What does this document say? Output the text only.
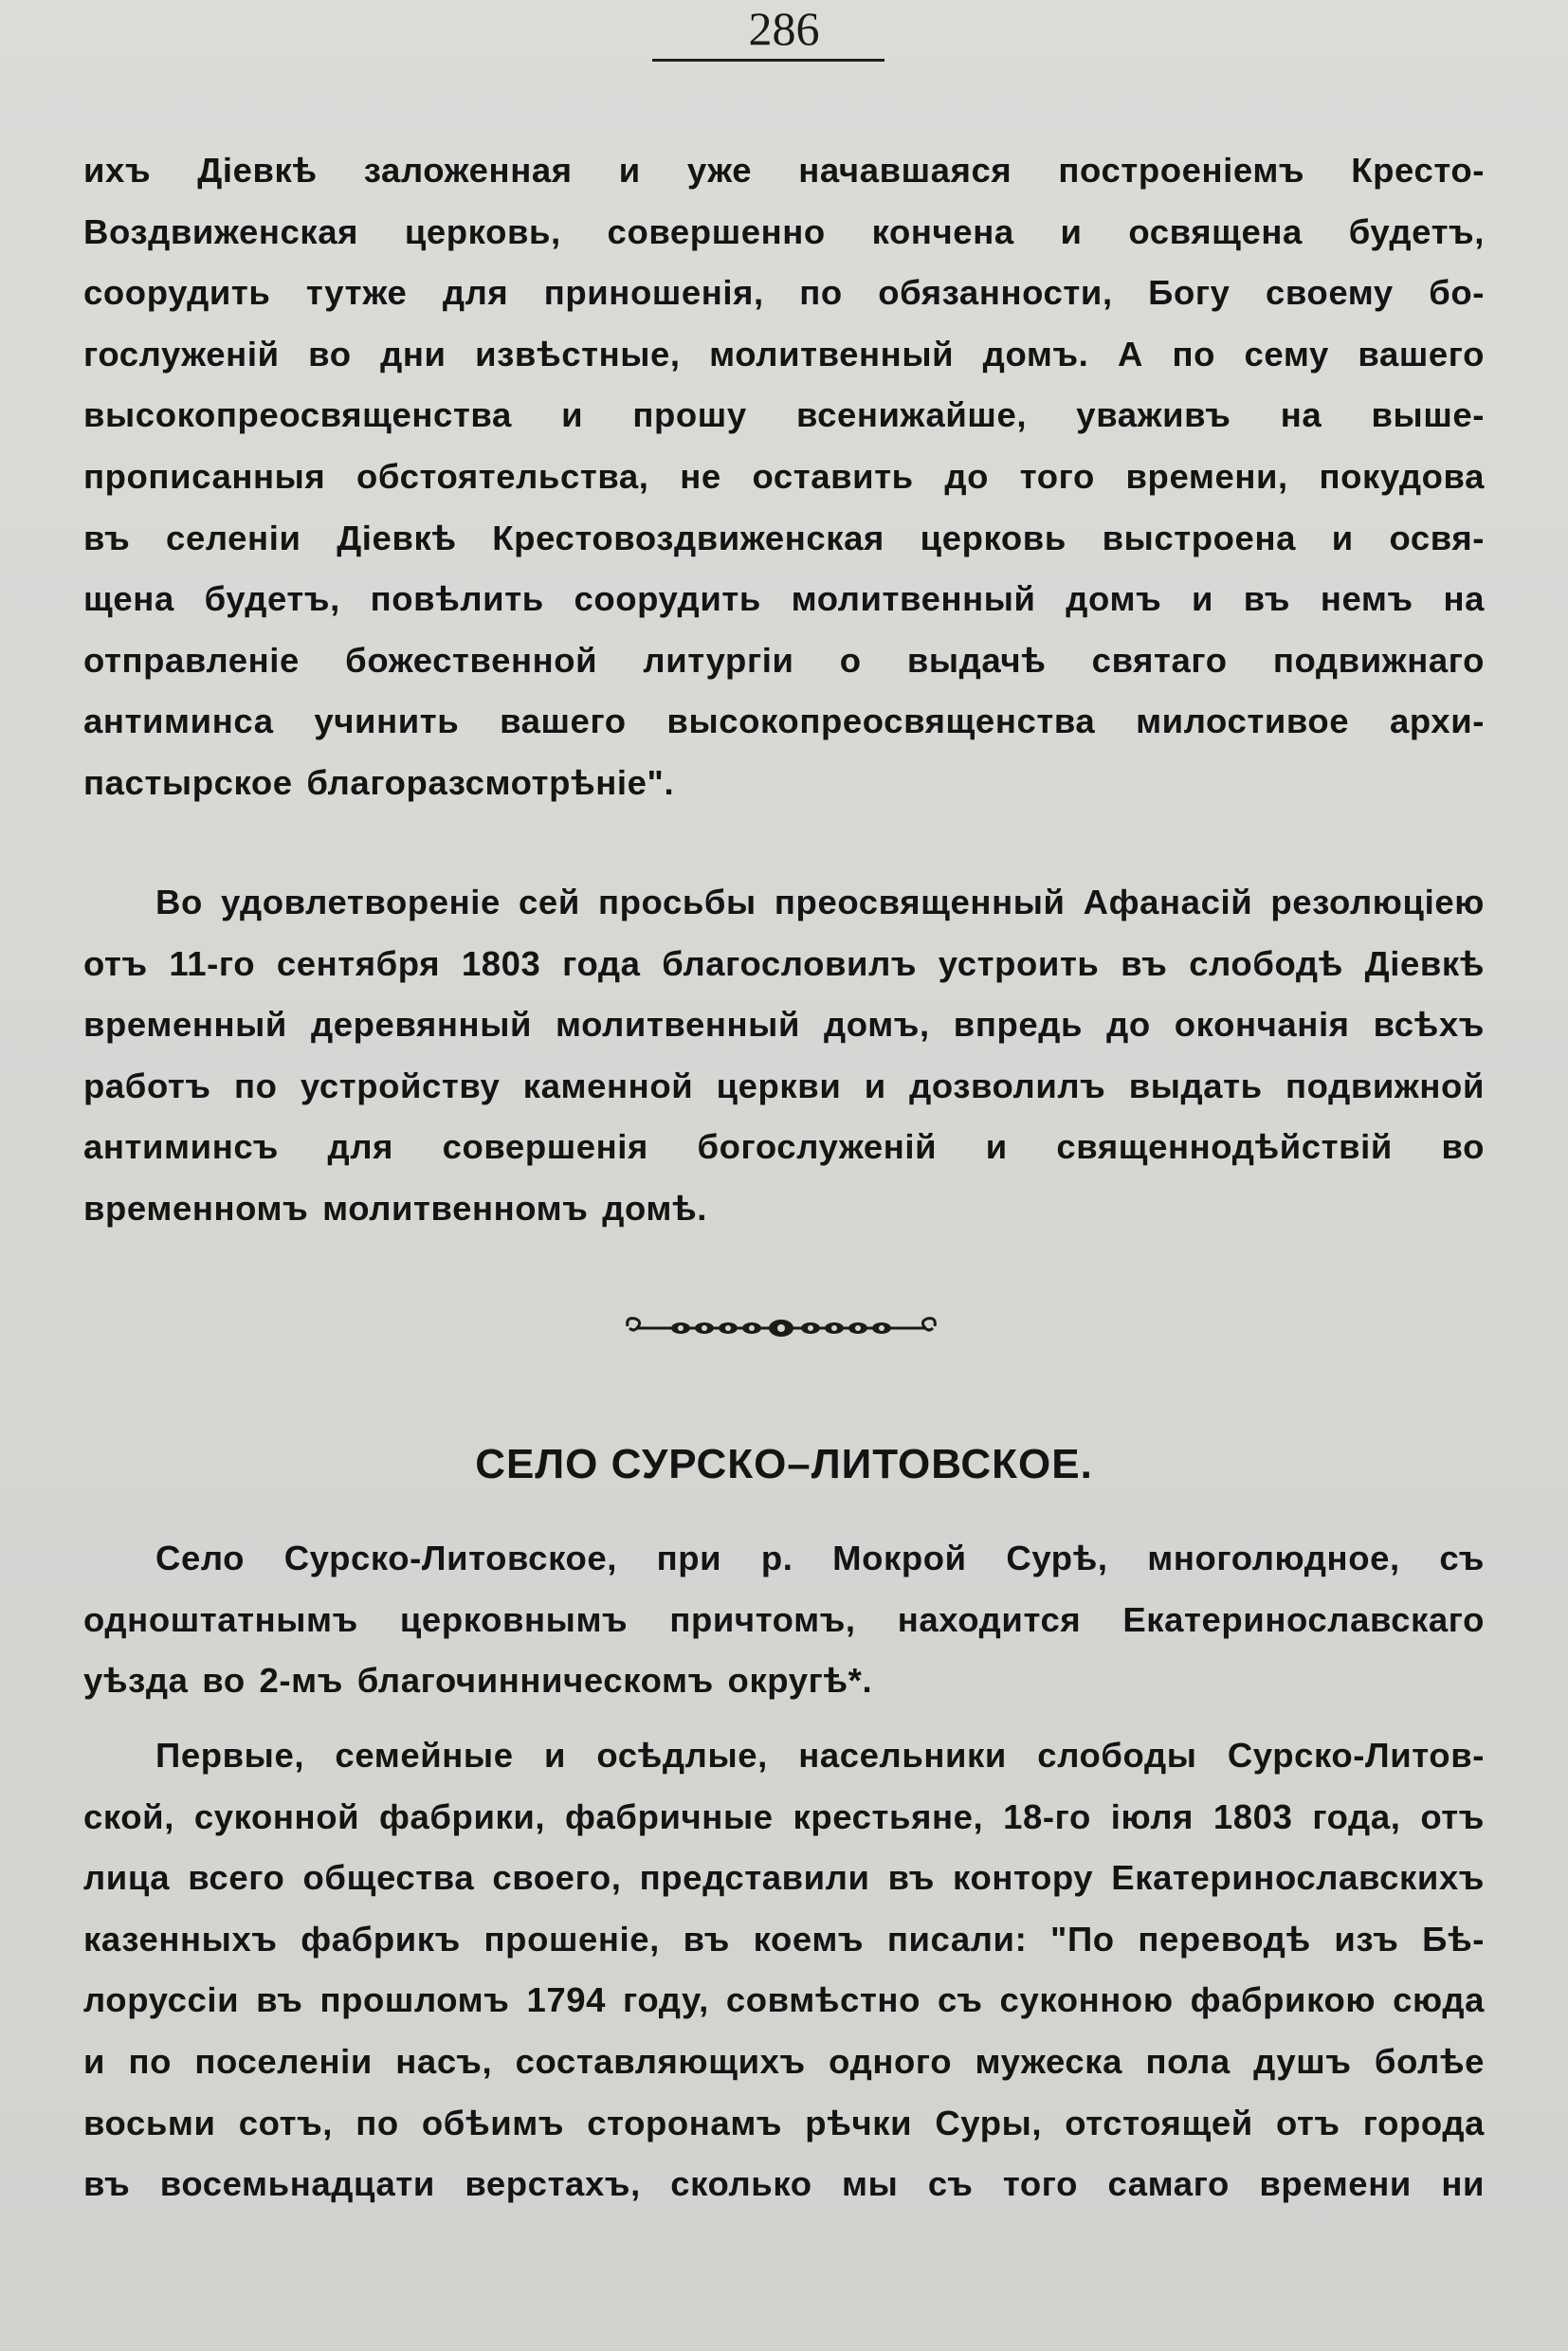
286
ихъ Діевкѣ заложенная и уже начавшаяся построеніемъ Кресто-
Воздвиженская церковь, совершенно кончена и освящена будетъ,
соорудить тутже для приношенія, по обязанности, Богу своему бо-
гослуженій во дни извѣстные, молитвенный домъ. А по сему вашего
высокопреосвященства и прошу всенижайше, уваживъ на выше-
прописанныя обстоятельства, не оставить до того времени, покудова
въ селеніи Діевкѣ Крестовоздвиженская церковь выстроена и освя-
щена будетъ, повѣлить соорудить молитвенный домъ и въ немъ на
отправленіе божественной литургіи о выдачѣ святаго подвижнаго
антиминса учинить вашего высокопреосвященства милостивое архи-
пастырское благоразсмотрѣніе".
Во удовлетвореніе сей просьбы преосвященный Афанасій резолюціею
отъ 11-го сентября 1803 года благословилъ устроить въ слободѣ Діевкѣ
временный деревянный молитвенный домъ, впредь до окончанія всѣхъ
работъ по устройству каменной церкви и дозволилъ выдать подвижной
антиминсъ для совершенія богослуженій и священнодѣйствій во
временномъ молитвенномъ домѣ.
СЕЛО СУРСКО–ЛИТОВСКОЕ.
Село Сурско-Литовское, при р. Мокрой Сурѣ, многолюдное, съ
одноштатнымъ церковнымъ причтомъ, находится Екатеринославскаго
уѣзда во 2-мъ благочинническомъ округѣ*.
Первые, семейные и осѣдлые, насельники слободы Сурско-Литов-
ской, суконной фабрики, фабричные крестьяне, 18-го іюля 1803 года, отъ
лица всего общества своего, представили въ контору Екатеринославскихъ
казенныхъ фабрикъ прошеніе, въ коемъ писали: "По переводѣ изъ Бѣ-
лоруссіи въ прошломъ 1794 году, совмѣстно съ суконною фабрикою сюда
и по поселеніи насъ, составляющихъ одного мужеска пола душъ болѣе
восьми сотъ, по обѣимъ сторонамъ рѣчки Суры, отстоящей отъ города
въ восемьнадцати верстахъ, сколько мы съ того самаго времени ни
